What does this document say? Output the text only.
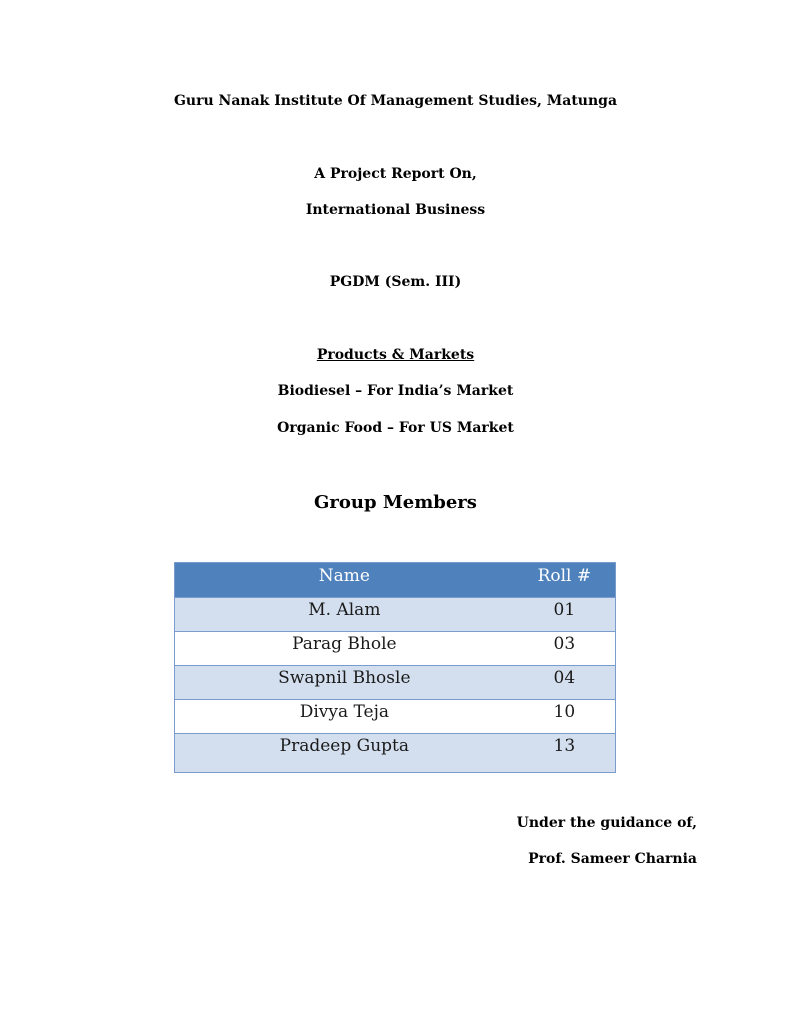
Guru Nanak Institute Of Management Studies, Matunga
A Project Report On,
International Business
PGDM (Sem. III)
Products & Markets
Biodiesel – For India’s Market
Organic Food – For US Market
Group Members
Name	Roll #
M. Alam	01
Parag Bhole	03
Swapnil Bhosle	04
Divya Teja	10
Pradeep Gupta	13
Under the guidance of,
Prof. Sameer Charnia
